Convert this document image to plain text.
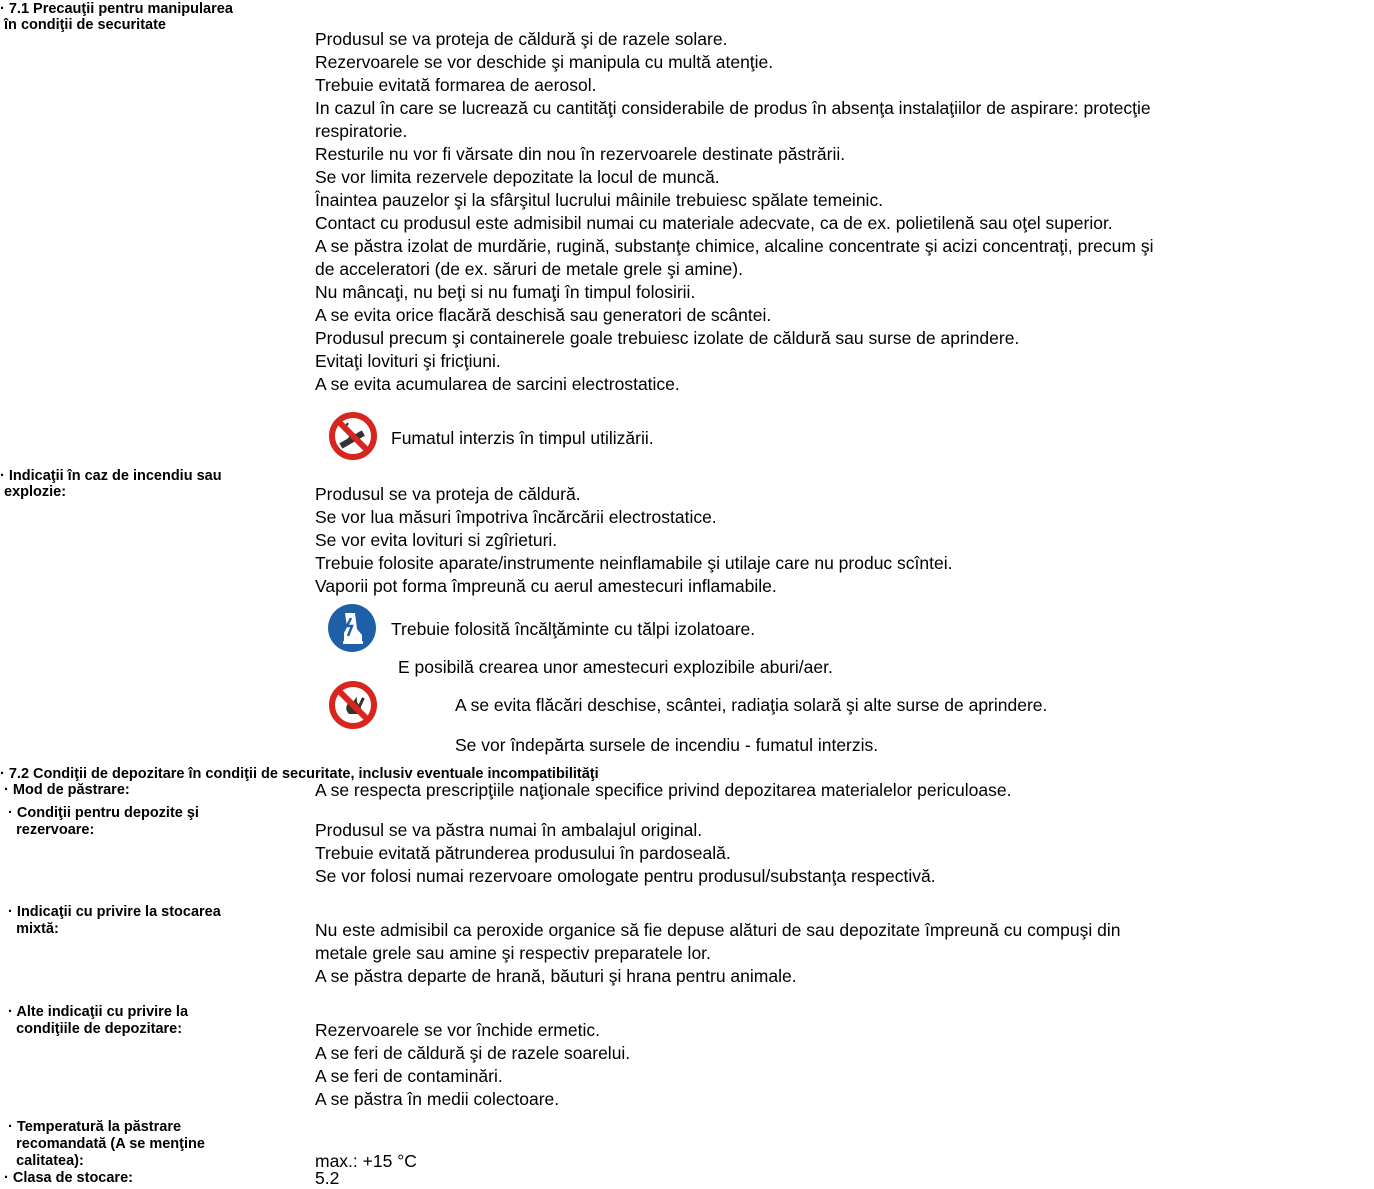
· 7.1 Precauţii pentru manipularea
în condiţii de securitate
Produsul se va proteja de căldură şi de razele solare.
Rezervoarele se vor deschide şi manipula cu multă atenţie.
Trebuie evitată formarea de aerosol.
In cazul în care se lucrează cu cantităţi considerabile de produs în absenţa instalaţiilor de aspirare: protecţie
respiratorie.
Resturile nu vor fi vărsate din nou în rezervoarele destinate păstrării.
Se vor limita rezervele depozitate la locul de muncă.
Înaintea pauzelor şi la sfârşitul lucrului mâinile trebuiesc spălate temeinic.
Contact cu produsul este admisibil numai cu materiale adecvate, ca de ex. polietilenă sau oţel superior.
A se păstra izolat de murdărie, rugină, substanţe chimice, alcaline concentrate şi acizi concentraţi, precum şi
de acceleratori (de ex. săruri de metale grele şi amine).
Nu mâncaţi, nu beţi si nu fumaţi în timpul folosirii.
A se evita orice flacără deschisă sau generatori de scântei.
Produsul precum şi containerele goale trebuiesc izolate de căldură sau surse de aprindere.
Evitaţi lovituri şi fricţiuni.
A se evita acumularea de sarcini electrostatice.
Fumatul interzis în timpul utilizării.
· Indicaţii în caz de incendiu sau
explozie:	Produsul se va proteja de căldură.
Se vor lua măsuri împotriva încărcării electrostatice.
Se vor evita lovituri si zgîrieturi.
Trebuie folosite aparate/instrumente neinflamabile şi utilaje care nu produc scîntei.
Vaporii pot forma împreună cu aerul amestecuri inflamabile.
Trebuie folosită încălţăminte cu tălpi izolatoare.
E posibilă crearea unor amestecuri explozibile aburi/aer.
A se evita flăcări deschise, scântei, radiaţia solară şi alte surse de aprindere.
Se vor îndepărta sursele de incendiu - fumatul interzis.
· 7.2 Condiţii de depozitare în condiţii de securitate, inclusiv eventuale incompatibilităţi
· Mod de păstrare:	A se respecta prescripţiile naţionale specifice privind depozitarea materialelor periculoase.
· Condiţii pentru depozite şi
rezervoare:	Produsul se va păstra numai în ambalajul original.
Trebuie evitată pătrunderea produsului în pardoseală.
Se vor folosi numai rezervoare omologate pentru produsul/substanţa respectivă.
· Indicaţii cu privire la stocarea
mixtă:	Nu este admisibil ca peroxide organice să fie depuse alături de sau depozitate împreună cu compuşi din
metale grele sau amine şi respectiv preparatele lor.
A se păstra departe de hrană, băuturi şi hrana pentru animale.
· Alte indicaţii cu privire la
condiţiile de depozitare:	Rezervoarele se vor închide ermetic.
A se feri de căldură şi de razele soarelui.
A se feri de contaminări.
A se păstra în medii colectoare.
· Temperatură la păstrare
recomandată (A se menţine
calitatea):	max.: +15 °C
· Clasa de stocare:	5.2
